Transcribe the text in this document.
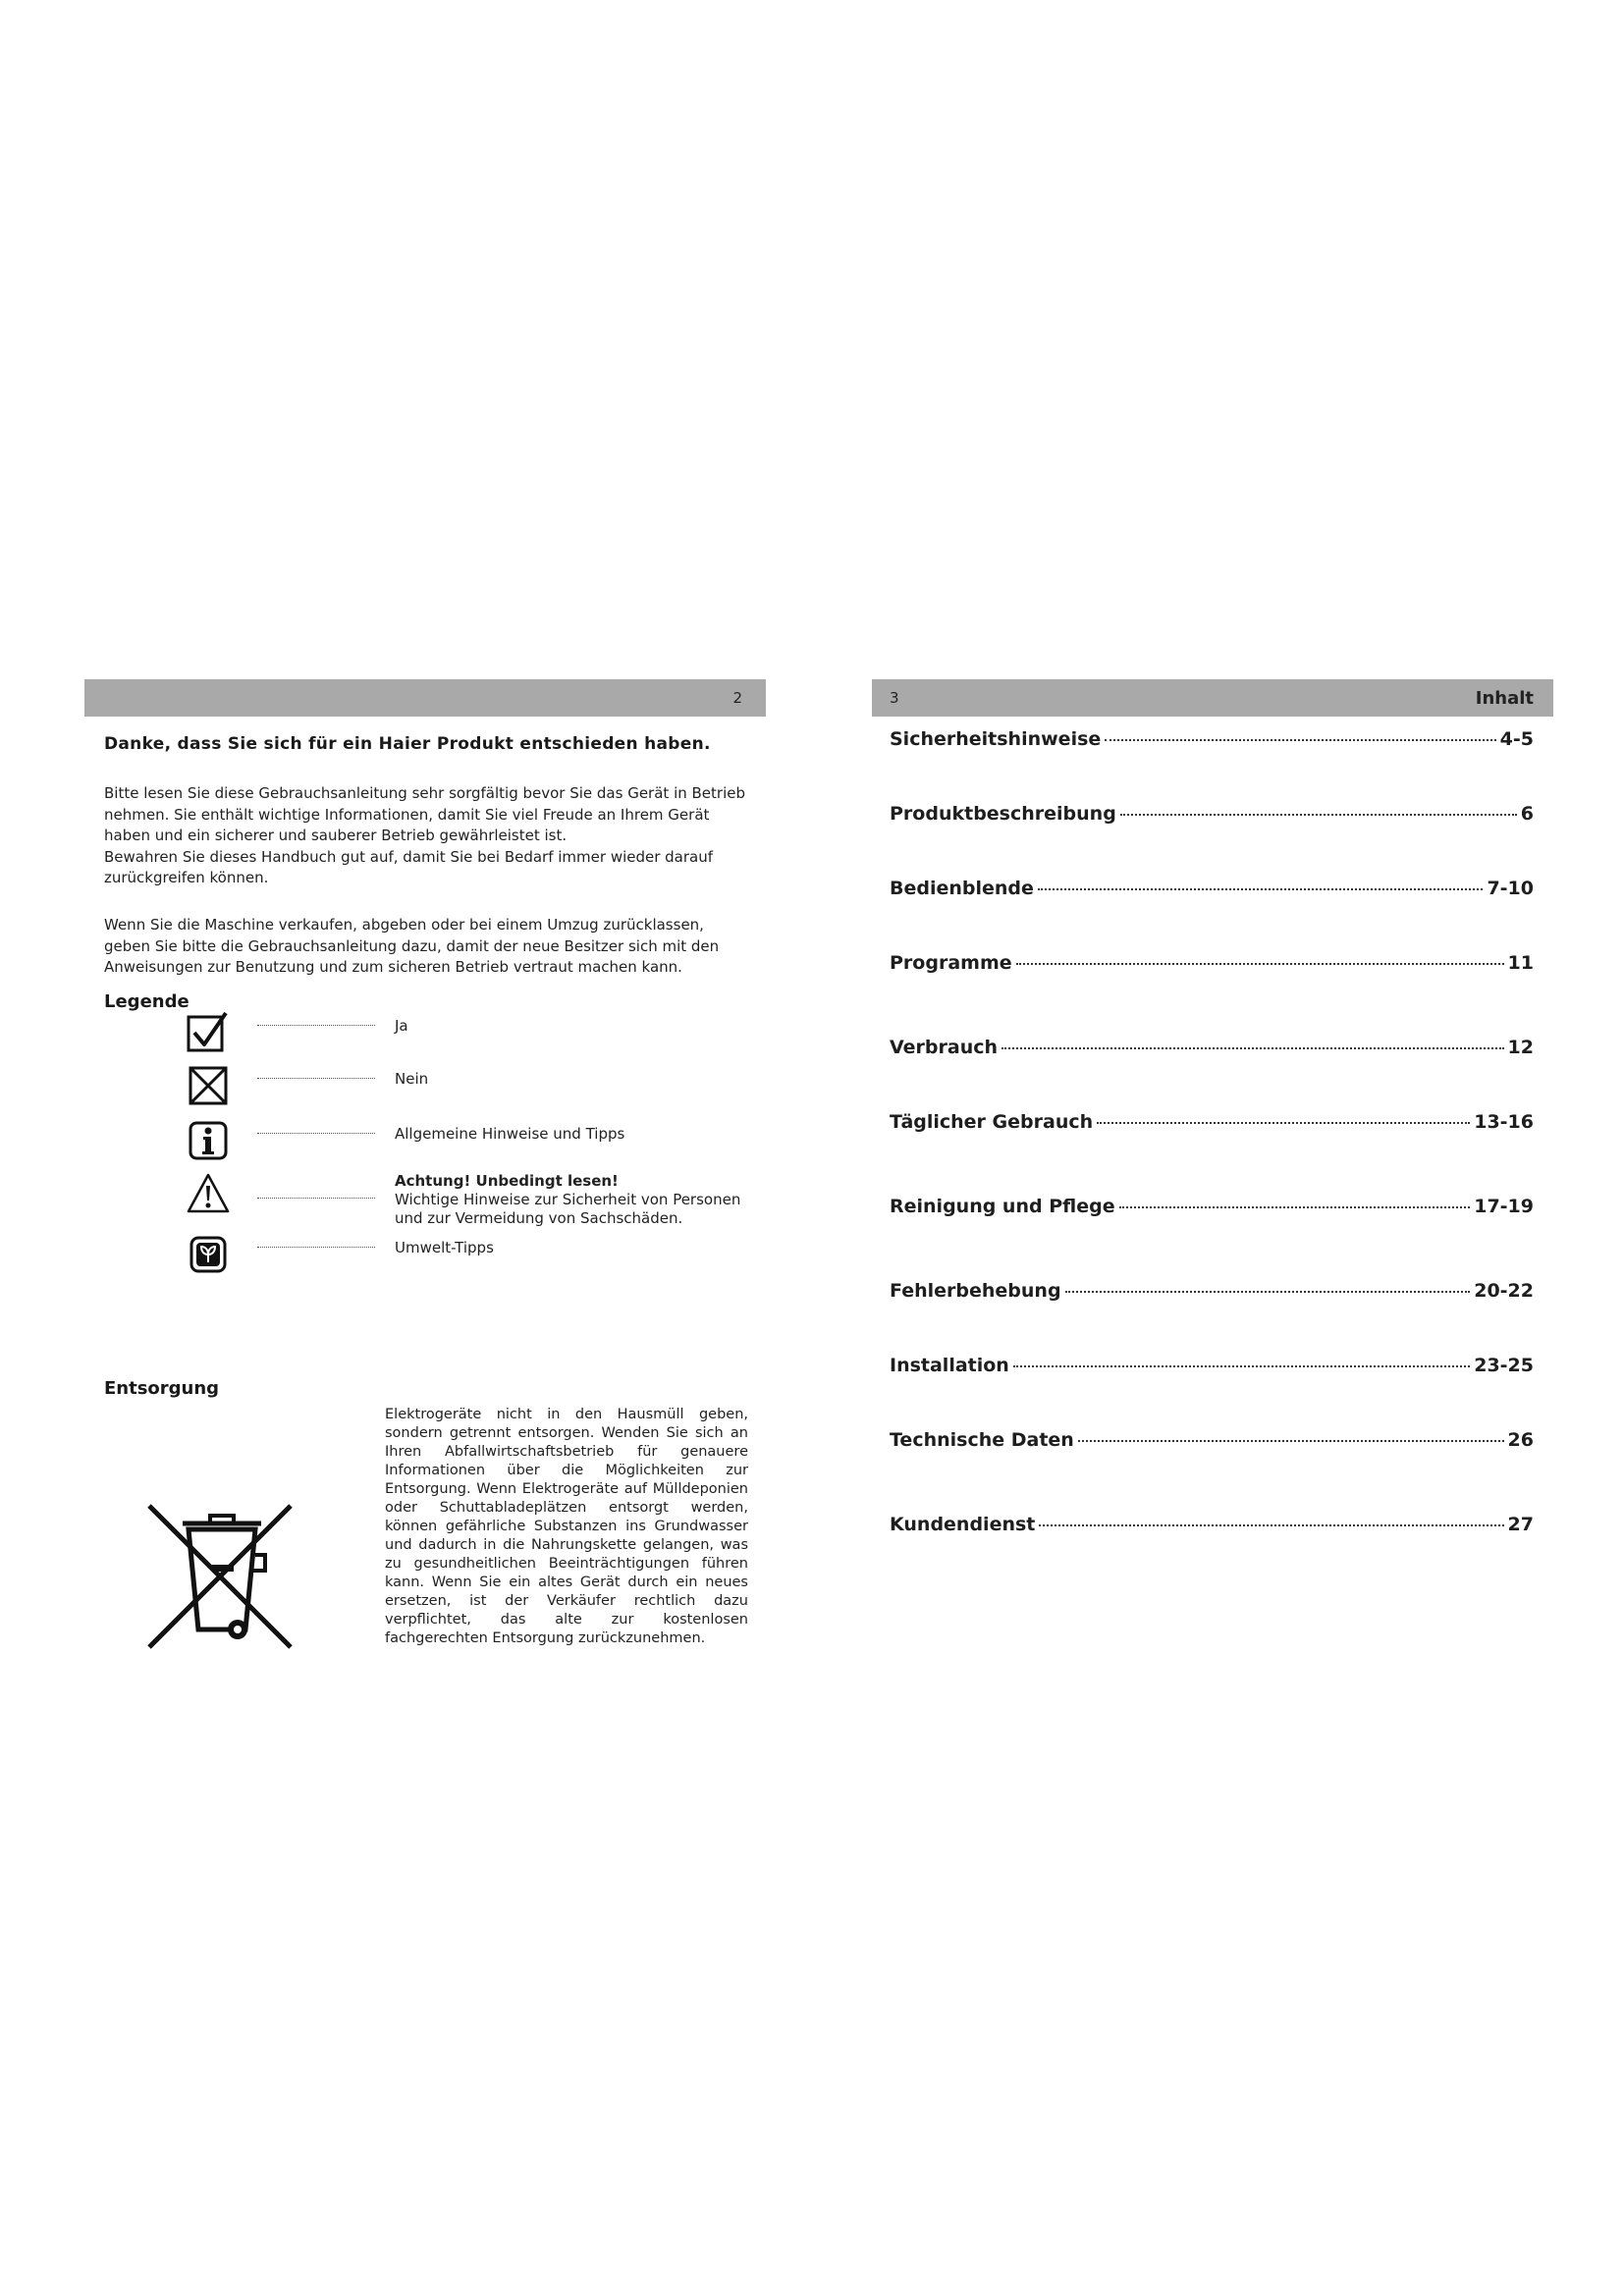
2
Danke, dass Sie sich für ein Haier Produkt entschieden haben.

Bitte lesen Sie diese Gebrauchsanleitung sehr sorgfältig bevor Sie das Gerät in Betrieb

nehmen. Sie enthält wichtige Informationen, damit Sie viel Freude an Ihrem Gerät

haben und ein sicherer und sauberer Betrieb gewährleistet ist.

Bewahren Sie dieses Handbuch gut auf, damit Sie bei Bedarf immer wieder darauf

zurückgreifen können.

Wenn Sie die Maschine verkaufen, abgeben oder bei einem Umzug zurücklassen,

geben Sie bitte die Gebrauchsanleitung dazu, damit der neue Besitzer sich mit den

Anweisungen zur Benutzung und zum sicheren Betrieb vertraut machen kann.

Legende
Ja
Nein
Allgemeine Hinweise und Tipps
Achtung! Unbedingt lesen!
Wichtige Hinweise zur Sicherheit von Personen
und zur Vermeidung von Sachschäden.
Umwelt-Tipps
Entsorgung
Elektrogeräte nicht in den Hausmüll geben, sondern getrennt entsorgen. Wenden Sie sich an Ihren Abfallwirtschaftsbetrieb für genauere Informationen über die Möglichkeiten zur Entsorgung. Wenn Elektrogeräte auf Mülldeponien oder Schuttabladeplätzen entsorgt werden, können gefährliche Substanzen ins Grundwasser und dadurch in die Nahrungskette gelangen, was zu gesundheitlichen Beeinträchtigungen führen kann. Wenn Sie ein altes Gerät durch ein neues ersetzen, ist der Verkäufer rechtlich dazu verpflichtet, das alte zur kostenlosen fachgerechten Entsorgung zurückzunehmen.
3	Inhalt
Sicherheitshinweise	4-5
Produktbeschreibung	6
Bedienblende	7-10
Programme	11
Verbrauch	12
Täglicher Gebrauch	13-16
Reinigung und Pflege	17-19
Fehlerbehebung	20-22
Installation	23-25
Technische Daten	26
Kundendienst	27
